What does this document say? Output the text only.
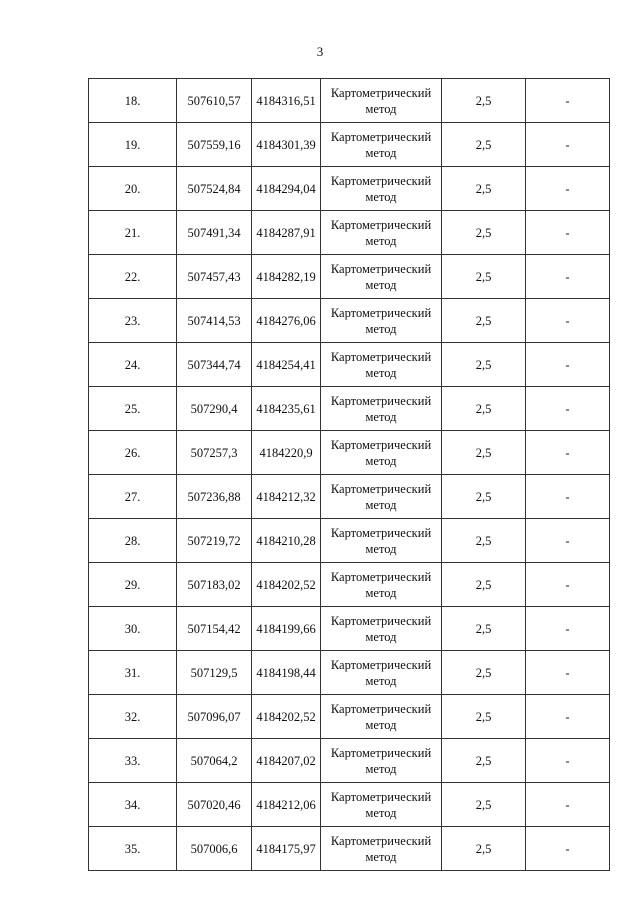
3
18.	507610,57	4184316,51	Картометрический метод	2,5	-
19.	507559,16	4184301,39	Картометрический метод	2,5	-
20.	507524,84	4184294,04	Картометрический метод	2,5	-
21.	507491,34	4184287,91	Картометрический метод	2,5	-
22.	507457,43	4184282,19	Картометрический метод	2,5	-
23.	507414,53	4184276,06	Картометрический метод	2,5	-
24.	507344,74	4184254,41	Картометрический метод	2,5	-
25.	507290,4	4184235,61	Картометрический метод	2,5	-
26.	507257,3	4184220,9	Картометрический метод	2,5	-
27.	507236,88	4184212,32	Картометрический метод	2,5	-
28.	507219,72	4184210,28	Картометрический метод	2,5	-
29.	507183,02	4184202,52	Картометрический метод	2,5	-
30.	507154,42	4184199,66	Картометрический метод	2,5	-
31.	507129,5	4184198,44	Картометрический метод	2,5	-
32.	507096,07	4184202,52	Картометрический метод	2,5	-
33.	507064,2	4184207,02	Картометрический метод	2,5	-
34.	507020,46	4184212,06	Картометрический метод	2,5	-
35.	507006,6	4184175,97	Картометрический метод	2,5	-
